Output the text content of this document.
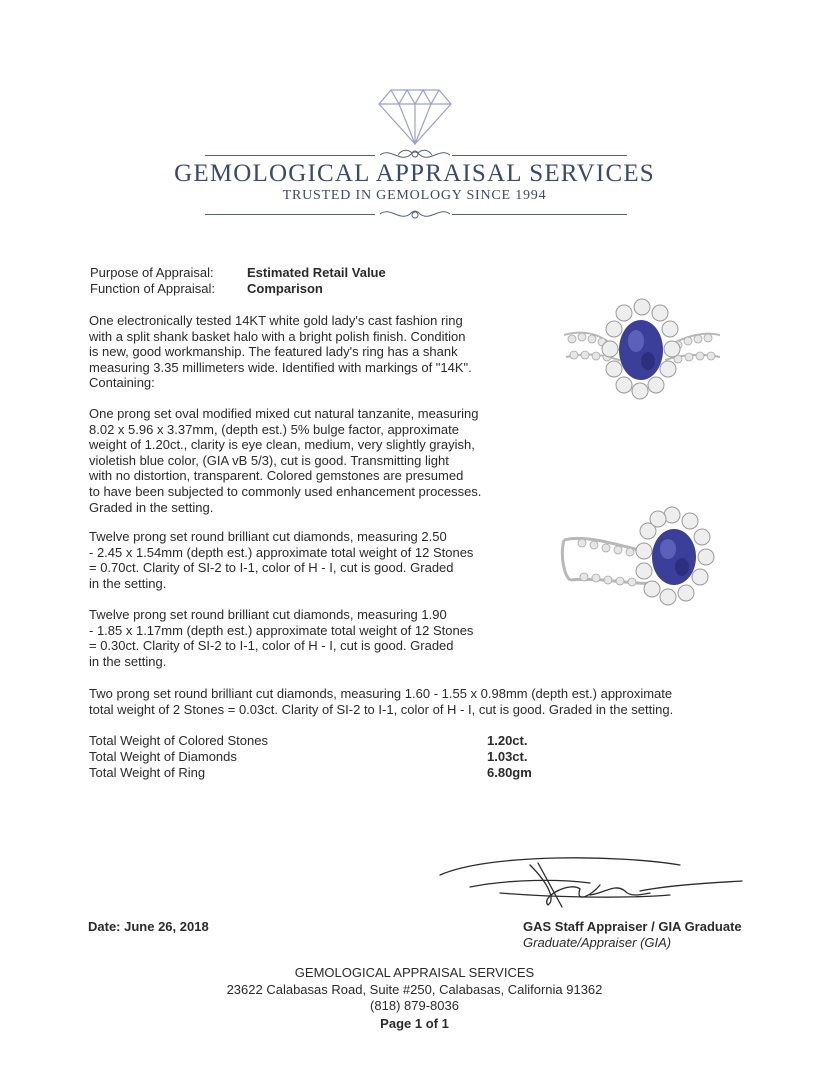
GEMOLOGICAL APPRAISAL SERVICES
TRUSTED IN GEMOLOGY SINCE 1994
Purpose of Appraisal:	Estimated Retail Value
Function of Appraisal:	Comparison
One electronically tested 14KT white gold lady's cast fashion ring
with a split shank basket halo with a bright polish finish. Condition
is new, good workmanship. The featured lady's ring has a shank
measuring 3.35 millimeters wide. Identified with markings of "14K".
Containing:
One prong set oval modified mixed cut natural tanzanite, measuring
8.02 x 5.96 x 3.37mm, (depth est.) 5% bulge factor, approximate
weight of 1.20ct., clarity is eye clean, medium, very slightly grayish,
violetish blue color, (GIA vB 5/3), cut is good. Transmitting light
with no distortion, transparent. Colored gemstones are presumed
to have been subjected to commonly used enhancement processes.
Graded in the setting.
Twelve prong set round brilliant cut diamonds, measuring 2.50
- 2.45 x 1.54mm (depth est.) approximate total weight of 12 Stones
= 0.70ct. Clarity of SI-2 to I-1, color of H - I, cut is good. Graded
in the setting.
Twelve prong set round brilliant cut diamonds, measuring 1.90
- 1.85 x 1.17mm (depth est.) approximate total weight of 12 Stones
= 0.30ct. Clarity of SI-2 to I-1, color of H - I, cut is good. Graded
in the setting.
Two prong set round brilliant cut diamonds, measuring 1.60 - 1.55 x 0.98mm (depth est.) approximate
total weight of 2 Stones = 0.03ct. Clarity of SI-2 to I-1, color of H - I, cut is good. Graded in the setting.
Total Weight of Colored Stones	1.20ct.
Total Weight of Diamonds	1.03ct.
Total Weight of Ring	6.80gm
Date: June 26, 2018	GAS Staff Appraiser / GIA Graduate
Graduate/Appraiser (GIA)
GEMOLOGICAL APPRAISAL SERVICES
23622 Calabasas Road, Suite #250, Calabasas, California 91362
(818) 879-8036
Page 1 of 1
